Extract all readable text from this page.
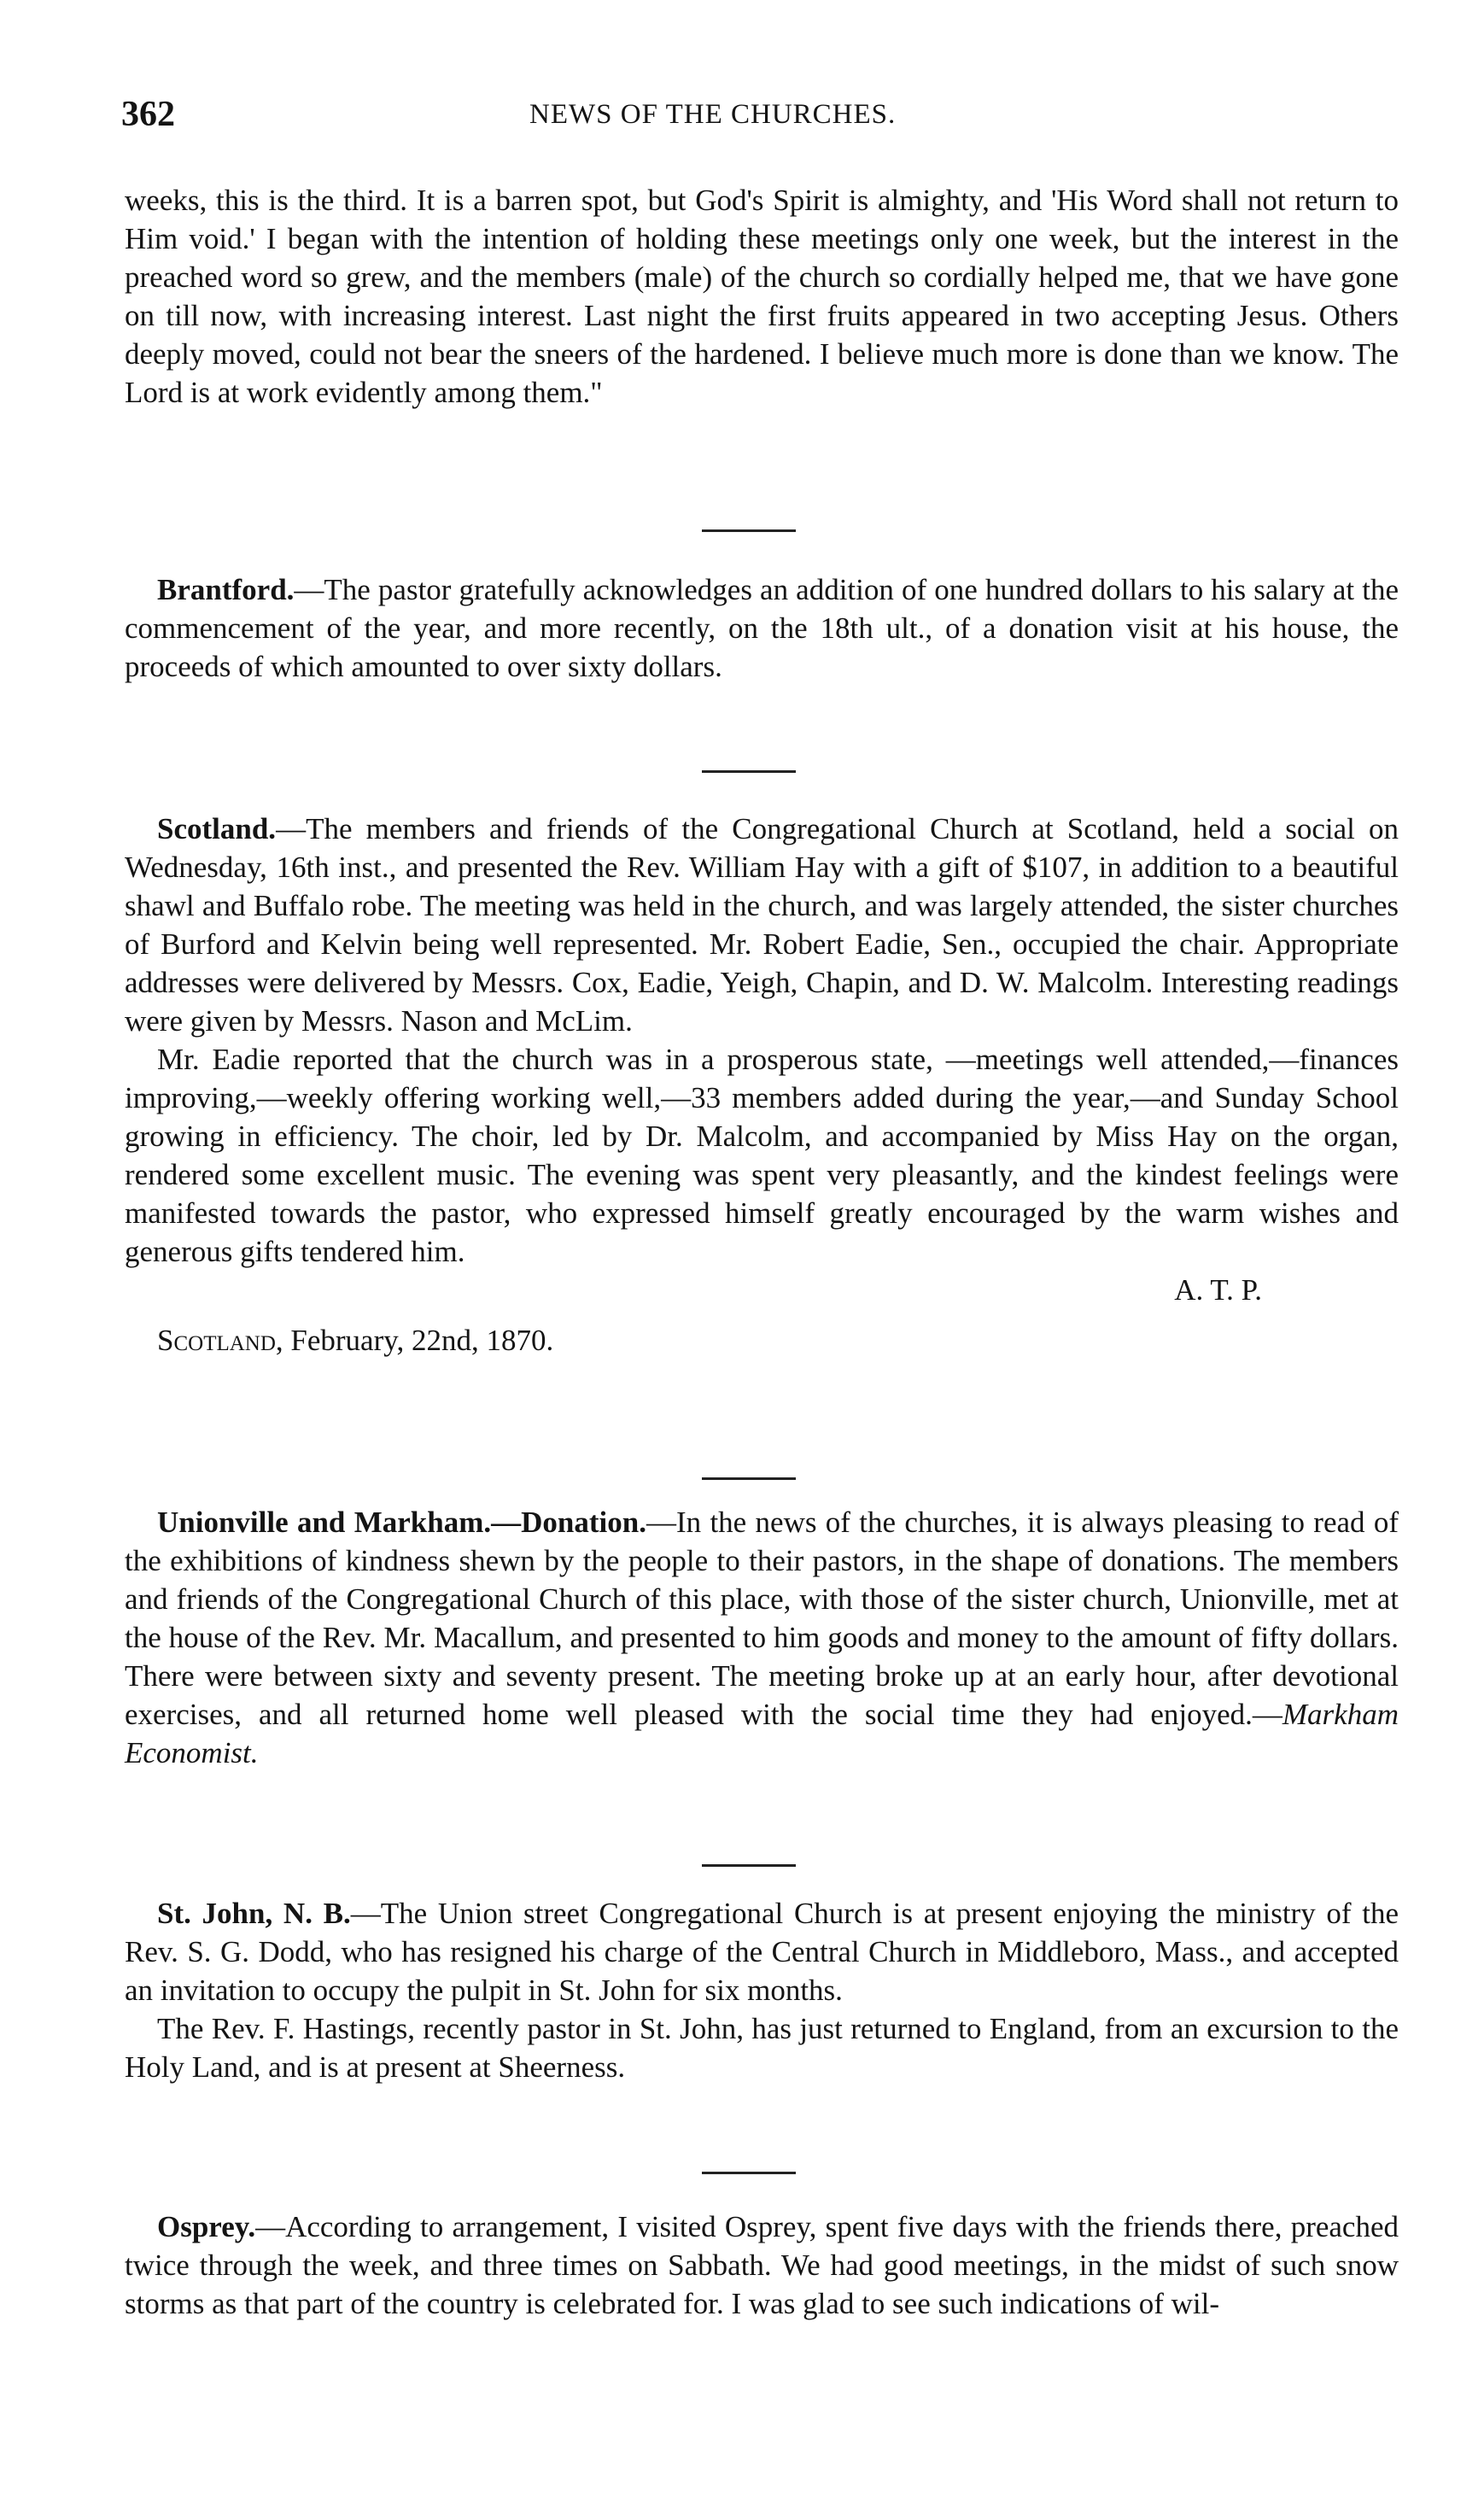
362	NEWS OF THE CHURCHES.

weeks, this is the third. It is a barren spot, but God's Spirit is almighty, and 'His Word shall not return to Him void.' I began with the intention of holding these meetings only one week, but the interest in the preached word so grew, and the members (male) of the church so cordially helped me, that we have gone on till now, with increasing interest. Last night the first fruits appeared in two accepting Jesus. Others deeply moved, could not bear the sneers of the hardened. I believe much more is done than we know. The Lord is at work evidently among them."

Brantford.—The pastor gratefully acknowledges an addition of one hundred dollars to his salary at the commencement of the year, and more recently, on the 18th ult., of a donation visit at his house, the proceeds of which amounted to over sixty dollars.

Scotland.—The members and friends of the Congregational Church at Scotland, held a social on Wednesday, 16th inst., and presented the Rev. William Hay with a gift of $107, in addition to a beautiful shawl and Buffalo robe. The meeting was held in the church, and was largely attended, the sister churches of Burford and Kelvin being well represented. Mr. Robert Eadie, Sen., occupied the chair. Appropriate addresses were delivered by Messrs. Cox, Eadie, Yeigh, Chapin, and D. W. Malcolm. Interesting readings were given by Messrs. Nason and McLim.

Mr. Eadie reported that the church was in a prosperous state, —meetings well attended,—finances improving,—weekly offering working well,—33 members added during the year,—and Sunday School growing in efficiency. The choir, led by Dr. Malcolm, and accompanied by Miss Hay on the organ, rendered some excellent music. The evening was spent very pleasantly, and the kindest feelings were manifested towards the pastor, who expressed himself greatly encouraged by the warm wishes and generous gifts tendered him.

A. T. P.

Scotland, February, 22nd, 1870.

Unionville and Markham.—Donation.—In the news of the churches, it is always pleasing to read of the exhibitions of kindness shewn by the people to their pastors, in the shape of donations. The members and friends of the Congregational Church of this place, with those of the sister church, Unionville, met at the house of the Rev. Mr. Macallum, and presented to him goods and money to the amount of fifty dollars. There were between sixty and seventy present. The meeting broke up at an early hour, after devotional exercises, and all returned home well pleased with the social time they had enjoyed.—Markham Economist.

St. John, N. B.—The Union street Congregational Church is at present enjoying the ministry of the Rev. S. G. Dodd, who has resigned his charge of the Central Church in Middleboro, Mass., and accepted an invitation to occupy the pulpit in St. John for six months.

The Rev. F. Hastings, recently pastor in St. John, has just returned to England, from an excursion to the Holy Land, and is at present at Sheerness.

Osprey.—According to arrangement, I visited Osprey, spent five days with the friends there, preached twice through the week, and three times on Sabbath. We had good meetings, in the midst of such snow storms as that part of the country is celebrated for. I was glad to see such indications of wil-
